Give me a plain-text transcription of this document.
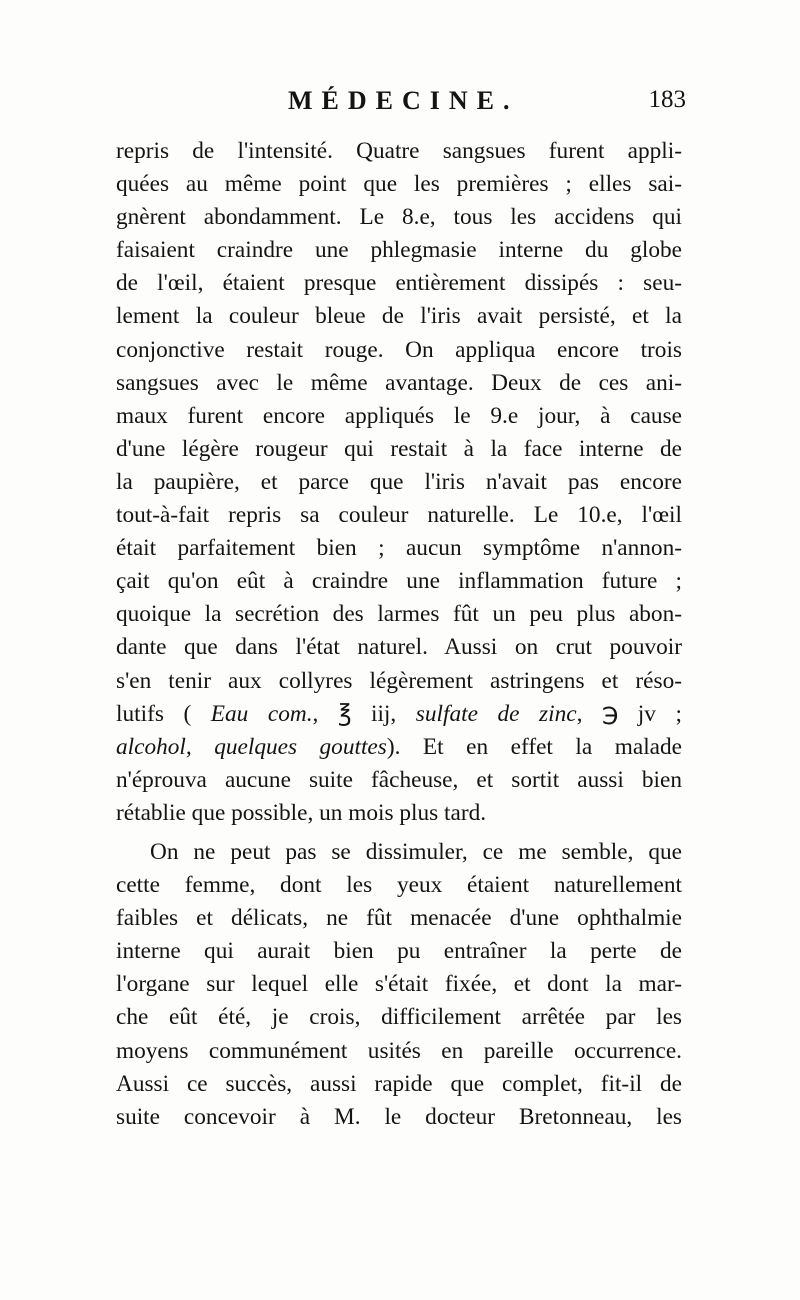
MÉDECINE.	183
repris de l'intensité. Quatre sangsues furent appli-
quées au même point que les premières ; elles sai-
gnèrent abondamment. Le 8.e, tous les accidens qui
faisaient craindre une phlegmasie interne du globe
de l'œil, étaient presque entièrement dissipés : seu-
lement la couleur bleue de l'iris avait persisté, et la
conjonctive restait rouge. On appliqua encore trois
sangsues avec le même avantage. Deux de ces ani-
maux furent encore appliqués le 9.e jour, à cause
d'une légère rougeur qui restait à la face interne de
la paupière, et parce que l'iris n'avait pas encore
tout-à-fait repris sa couleur naturelle. Le 10.e, l'œil
était parfaitement bien ; aucun symptôme n'annon-
çait qu'on eût à craindre une inflammation future ;
quoique la secrétion des larmes fût un peu plus abon-
dante que dans l'état naturel. Aussi on crut pouvoir
s'en tenir aux collyres légèrement astringens et réso-
lutifs ( Eau com., ℥ iij, sulfate de zinc, ℈ jv ;
alcohol, quelques gouttes). Et en effet la malade
n'éprouva aucune suite fâcheuse, et sortit aussi bien
rétablie que possible, un mois plus tard.
On ne peut pas se dissimuler, ce me semble, que
cette femme, dont les yeux étaient naturellement
faibles et délicats, ne fût menacée d'une ophthalmie
interne qui aurait bien pu entraîner la perte de
l'organe sur lequel elle s'était fixée, et dont la mar-
che eût été, je crois, difficilement arrêtée par les
moyens communément usités en pareille occurrence.
Aussi ce succès, aussi rapide que complet, fit-il de
suite concevoir à M. le docteur Bretonneau, les
